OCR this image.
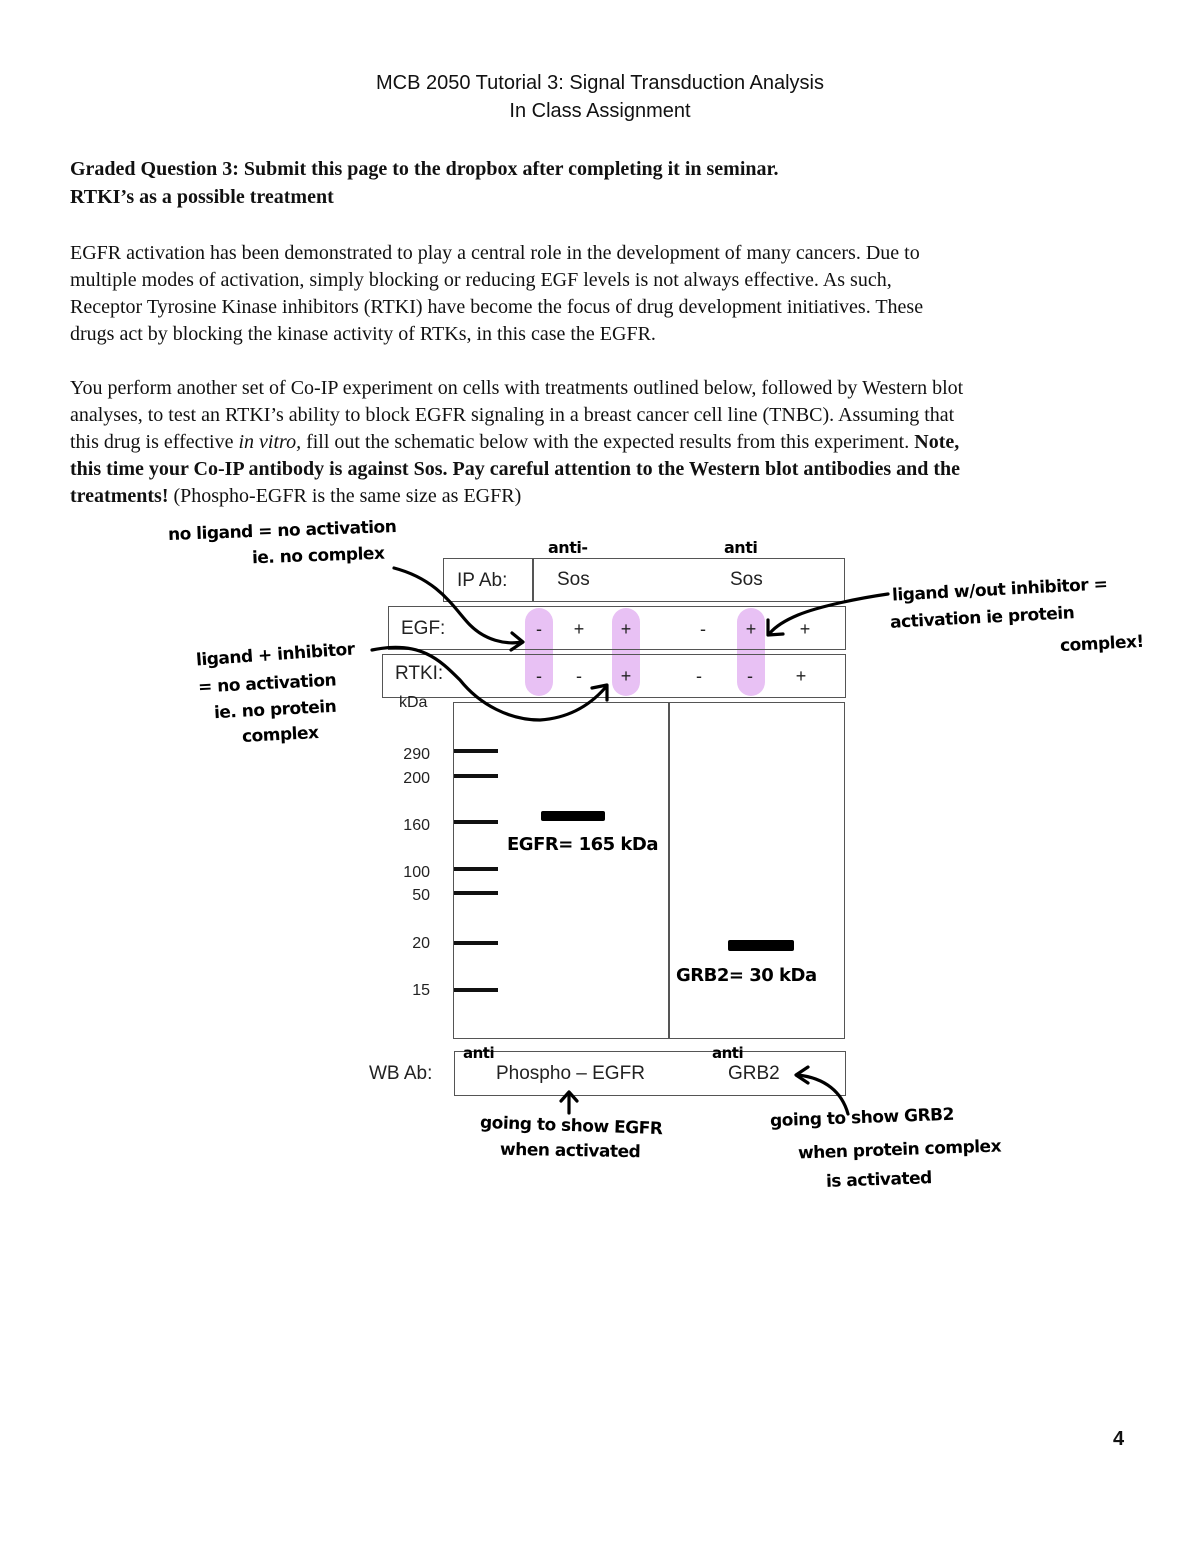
MCB 2050 Tutorial 3: Signal Transduction Analysis

In Class Assignment

Graded Question 3: Submit this page to the dropbox after completing it in seminar.

RTKI’s as a possible treatment

EGFR activation has been demonstrated to play a central role in the development of many cancers. Due to
multiple modes of activation, simply blocking or reducing EGF levels is not always effective. As such,
Receptor Tyrosine Kinase inhibitors (RTKI) have become the focus of drug development initiatives. These
drugs act by blocking the kinase activity of RTKs, in this case the EGFR.
You perform another set of Co-IP experiment on cells with treatments outlined below, followed by Western blot
analyses, to test an RTKI’s ability to block EGFR signaling in a breast cancer cell line (TNBC). Assuming that
this drug is effective in vitro, fill out the schematic below with the expected results from this experiment. Note,
this time your Co-IP antibody is against Sos. Pay careful attention to the Western blot antibodies and the
treatments! (Phospho-EGFR is the same size as EGFR)
IP Ab:	Sos	Sos
EGF:	-	+ +	-	+ +
RTKI:	-	-	+	-	-	+
kDa
290
200
160
100
50
20
15
WB Ab:	Phospho – EGFR	GRB2
anti-	anti
no ligand = no activation
ie. no complex
ligand + inhibitor
= no activation
ie. no protein
complex
ligand w/out inhibitor =
activation ie protein
complex!
EGFR= 165 kDa
GRB2= 30 kDa
anti	anti
going to show EGFR
when activated
going to show GRB2
when protein complex
is activated

4
